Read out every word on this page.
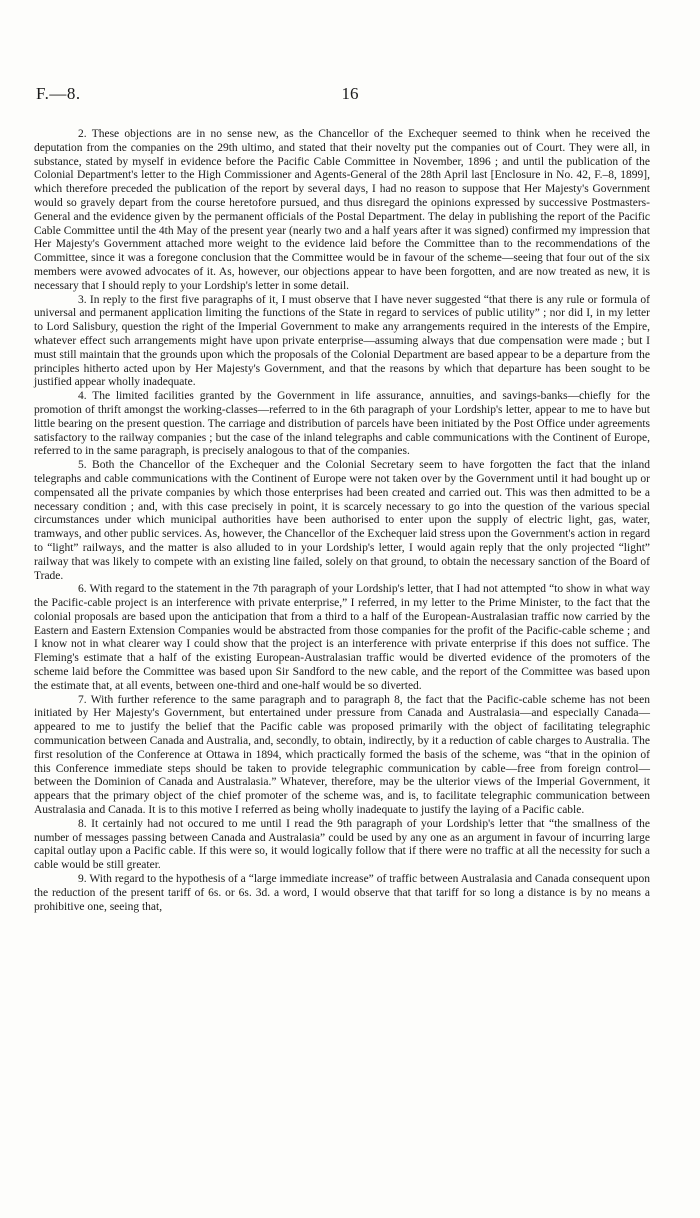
F.—8.	16

2. These objections are in no sense new, as the Chancellor of the Exchequer seemed to think when he received the deputation from the companies on the 29th ultimo, and stated that their novelty put the companies out of Court. They were all, in substance, stated by myself in evidence before the Pacific Cable Committee in November, 1896 ; and until the publication of the Colonial Department's letter to the High Commissioner and Agents-General of the 28th April last [Enclosure in No. 42, F.–8, 1899], which therefore preceded the publication of the report by several days, I had no reason to suppose that Her Majesty's Government would so gravely depart from the course heretofore pursued, and thus disregard the opinions expressed by successive Postmasters-General and the evidence given by the permanent officials of the Postal Department. The delay in publishing the report of the Pacific Cable Committee until the 4th May of the present year (nearly two and a half years after it was signed) confirmed my impression that Her Majesty's Government attached more weight to the evidence laid before the Committee than to the recommendations of the Committee, since it was a foregone conclusion that the Committee would be in favour of the scheme—seeing that four out of the six members were avowed advocates of it. As, however, our objections appear to have been forgotten, and are now treated as new, it is necessary that I should reply to your Lordship's letter in some detail.

3. In reply to the first five paragraphs of it, I must observe that I have never suggested “that there is any rule or formula of universal and permanent application limiting the functions of the State in regard to services of public utility” ; nor did I, in my letter to Lord Salisbury, question the right of the Imperial Government to make any arrangements required in the interests of the Empire, whatever effect such arrangements might have upon private enterprise—assuming always that due compensation were made ; but I must still maintain that the grounds upon which the proposals of the Colonial Department are based appear to be a departure from the principles hitherto acted upon by Her Majesty's Government, and that the reasons by which that departure has been sought to be justified appear wholly inadequate.

4. The limited facilities granted by the Government in life assurance, annuities, and savings-banks—chiefly for the promotion of thrift amongst the working-classes—referred to in the 6th paragraph of your Lordship's letter, appear to me to have but little bearing on the present question. The carriage and distribution of parcels have been initiated by the Post Office under agreements satisfactory to the railway companies ; but the case of the inland telegraphs and cable communications with the Continent of Europe, referred to in the same paragraph, is precisely analogous to that of the companies.

5. Both the Chancellor of the Exchequer and the Colonial Secretary seem to have forgotten the fact that the inland telegraphs and cable communications with the Continent of Europe were not taken over by the Government until it had bought up or compensated all the private companies by which those enterprises had been created and carried out. This was then admitted to be a necessary condition ; and, with this case precisely in point, it is scarcely necessary to go into the question of the various special circumstances under which municipal authorities have been authorised to enter upon the supply of electric light, gas, water, tramways, and other public services. As, however, the Chancellor of the Exchequer laid stress upon the Government's action in regard to “light” railways, and the matter is also alluded to in your Lordship's letter, I would again reply that the only projected “light” railway that was likely to compete with an existing line failed, solely on that ground, to obtain the necessary sanction of the Board of Trade.

6. With regard to the statement in the 7th paragraph of your Lordship's letter, that I had not attempted “to show in what way the Pacific-cable project is an interference with private enterprise,” I referred, in my letter to the Prime Minister, to the fact that the colonial proposals are based upon the anticipation that from a third to a half of the European-Australasian traffic now carried by the Eastern and Eastern Extension Companies would be abstracted from those companies for the profit of the Pacific-cable scheme ; and I know not in what clearer way I could show that the project is an interference with private enterprise if this does not suffice. The Fleming's estimate that a half of the existing European-Australasian traffic would be diverted evidence of the promoters of the scheme laid before the Committee was based upon Sir Sandford to the new cable, and the report of the Committee was based upon the estimate that, at all events, between one-third and one-half would be so diverted.

7. With further reference to the same paragraph and to paragraph 8, the fact that the Pacific-cable scheme has not been initiated by Her Majesty's Government, but entertained under pressure from Canada and Australasia—and especially Canada—appeared to me to justify the belief that the Pacific cable was proposed primarily with the object of facilitating telegraphic communication between Canada and Australia, and, secondly, to obtain, indirectly, by it a reduction of cable charges to Australia. The first resolution of the Conference at Ottawa in 1894, which practically formed the basis of the scheme, was “that in the opinion of this Conference immediate steps should be taken to provide telegraphic communication by cable—free from foreign control—between the Dominion of Canada and Australasia.” Whatever, therefore, may be the ulterior views of the Imperial Government, it appears that the primary object of the chief promoter of the scheme was, and is, to facilitate telegraphic communication between Australasia and Canada. It is to this motive I referred as being wholly inadequate to justify the laying of a Pacific cable.

8. It certainly had not occured to me until I read the 9th paragraph of your Lordship's letter that “the smallness of the number of messages passing between Canada and Australasia” could be used by any one as an argument in favour of incurring large capital outlay upon a Pacific cable. If this were so, it would logically follow that if there were no traffic at all the necessity for such a cable would be still greater.

9. With regard to the hypothesis of a “large immediate increase” of traffic between Australasia and Canada consequent upon the reduction of the present tariff of 6s. or 6s. 3d. a word, I would observe that that tariff for so long a distance is by no means a prohibitive one, seeing that,
